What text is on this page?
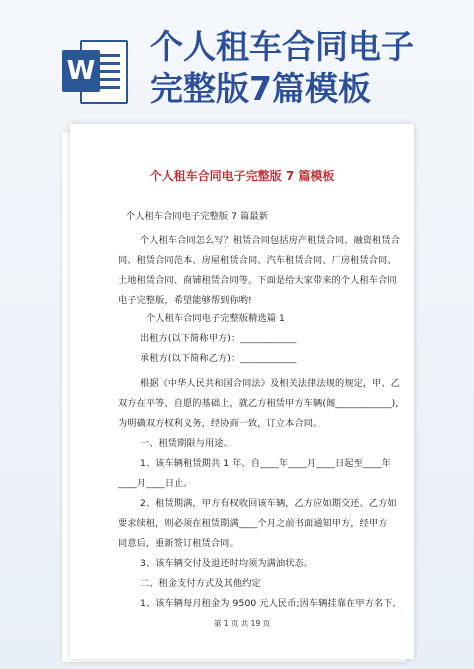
W
个人租车合同电子
完整版7篇模板
个人租车合同电子完整版 7 篇模板
个人租车合同电子完整版 7 篇最新
个人租车合同怎么写？租赁合同包括房产租赁合同、融资租赁合
同、租赁合同范本、房屋租赁合同、汽车租赁合同、厂房租赁合同、
土地租赁合同、商铺租赁合同等。下面是给大家带来的个人租车合同
电子完整版，希望能够帮到你哟!
个人租车合同电子完整版精选篇 1
出租方(以下简称甲方)：____________
承租方(以下简称乙方)：____________
根据《中华人民共和国合同法》及相关法律法规的规定，甲、乙
双方在平等、自愿的基础上，就乙方租赁甲方车辆(阁____________)，
为明确双方权利义务，经协商一致，订立本合同。
一、租赁期限与用途。
1、该车辆租赁期共 1 年。自____年____月____日起至____年
____月____日止。
2、租赁期满，甲方有权收回该车辆，乙方应如期交还。乙方如
要求续租，则必须在租赁期满____个月之前书面通知甲方，经甲方
同意后，重新签订租赁合同。
3、该车辆交付及退还时均须为满油状态。
二、租金支付方式及其他约定
1、该车辆每月租金为 9500 元人民币;因车辆挂靠在甲方名下,
第 1 页 共 19 页
